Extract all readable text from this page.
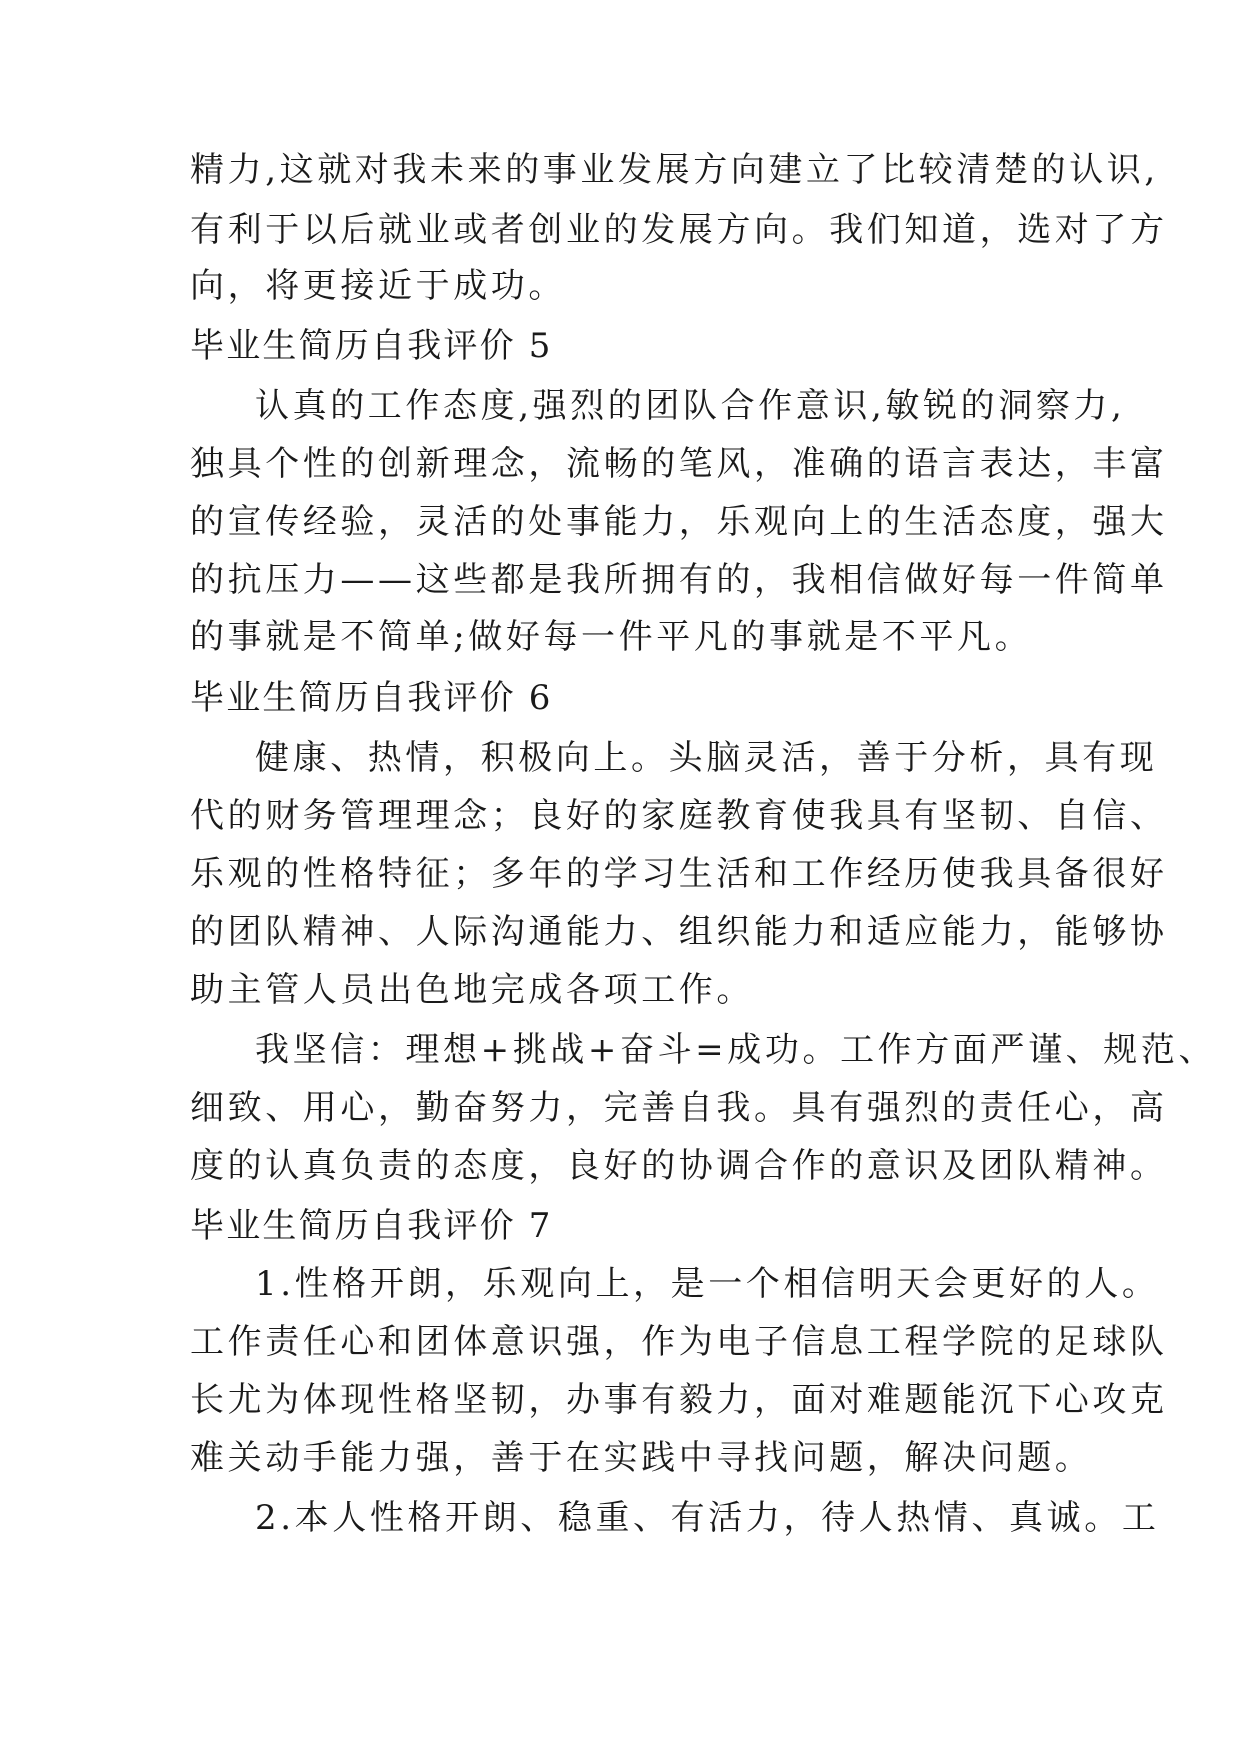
精力,这就对我未来的事业发展方向建立了比较清楚的认识,
有利于以后就业或者创业的发展方向。我们知道，选对了方
向，将更接近于成功。
毕业生简历自我评价 5
认真的工作态度,强烈的团队合作意识,敏锐的洞察力,
独具个性的创新理念，流畅的笔风，准确的语言表达，丰富
的宣传经验，灵活的处事能力，乐观向上的生活态度，强大
的抗压力——这些都是我所拥有的，我相信做好每一件简单
的事就是不简单;做好每一件平凡的事就是不平凡。
毕业生简历自我评价 6
健康、热情，积极向上。头脑灵活，善于分析，具有现
代的财务管理理念；良好的家庭教育使我具有坚韧、自信、
乐观的性格特征；多年的学习生活和工作经历使我具备很好
的团队精神、人际沟通能力、组织能力和适应能力，能够协
助主管人员出色地完成各项工作。
我坚信：理想+挑战+奋斗=成功。工作方面严谨、规范、
细致、用心，勤奋努力，完善自我。具有强烈的责任心，高
度的认真负责的态度，良好的协调合作的意识及团队精神。
毕业生简历自我评价 7
1.性格开朗，乐观向上，是一个相信明天会更好的人。
工作责任心和团体意识强，作为电子信息工程学院的足球队
长尤为体现性格坚韧，办事有毅力，面对难题能沉下心攻克
难关动手能力强，善于在实践中寻找问题，解决问题。
2.本人性格开朗、稳重、有活力，待人热情、真诚。工
